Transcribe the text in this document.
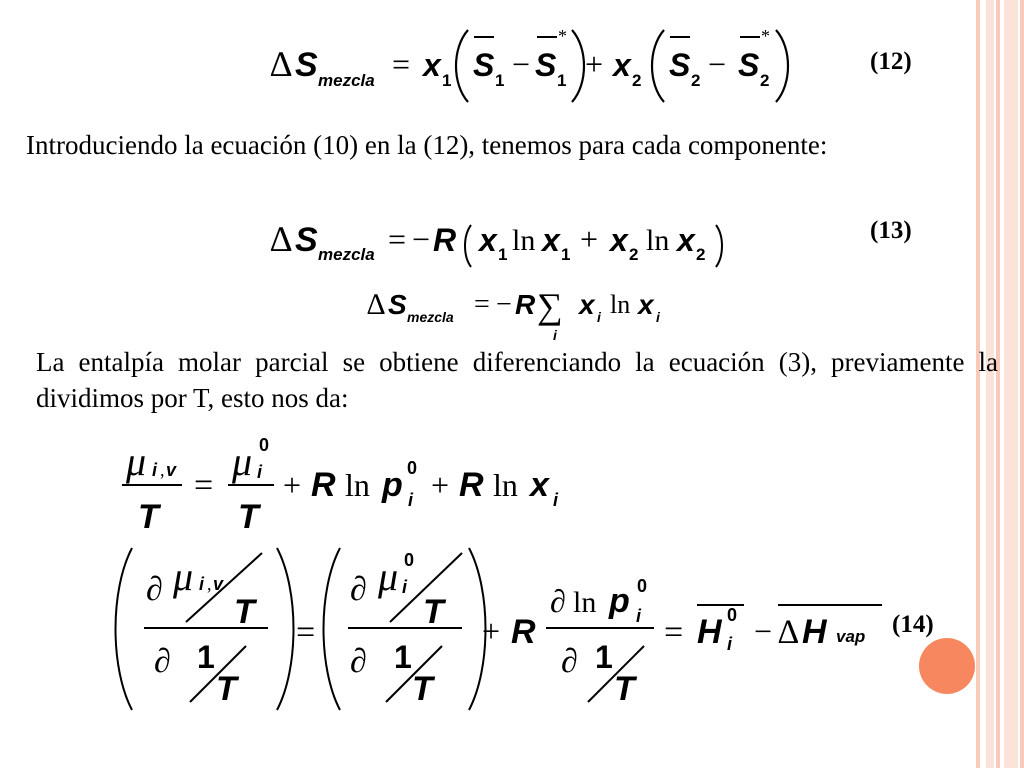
Introduciendo la ecuación (10) en la (12), tenemos para cada componente:
La entalpía molar parcial se obtiene diferenciando la ecuación (3), previamente la dividimos por T, esto nos da:
(12)
(13)
(14)
∆ S mezcla = x 1 S 1 −
*
S 1 + x 2 S 2 −
*
S 2
∆ S mezcla = − R x 1 ln x 1 + x 2 ln x 2
∆ S mezcla = − R ∑
i
x i ln x i
μ i , v
T
=
μ 0
i
T
+ R ln p 0
i + R ln x i
∂ μ i , v
T
∂ 1
T
=
∂ μ 0
i
T
∂ 1
T
+ R
∂ ln p 0
i
∂ 1
T
= H 0
i − ∆ H vap
